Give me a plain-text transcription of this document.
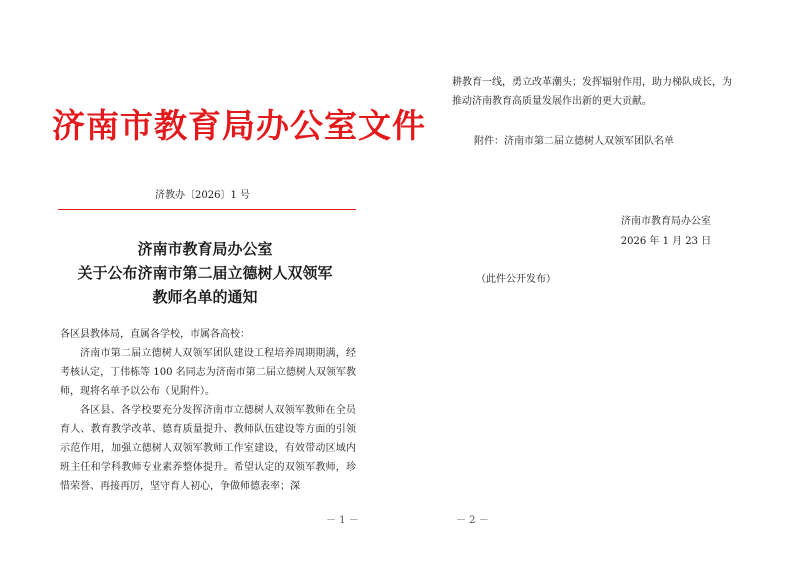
济南市教育局办公室文件
济教办〔2026〕1 号
济南市教育局办公室
关于公布济南市第二届立德树人双领军
教师名单的通知

各区县教体局，直属各学校，市属各高校：

济南市第二届立德树人双领军团队建设工程培养周期期满，经考核认定，丁伟栋等 100 名同志为济南市第二届立德树人双领军教师，现将名单予以公布（见附件）。

各区县、各学校要充分发挥济南市立德树人双领军教师在全员育人、教育教学改革、德育质量提升、教师队伍建设等方面的引领示范作用，加强立德树人双领军教师工作室建设，有效带动区域内班主任和学科教师专业素养整体提升。希望认定的双领军教师，珍惜荣誉、再接再厉，坚守育人初心，争做师德表率；深

－ 1 －

耕教育一线，勇立改革潮头；发挥辐射作用，助力梯队成长，为

推动济南教育高质量发展作出新的更大贡献。

附件：济南市第二届立德树人双领军团队名单
济南市教育局办公室
2026 年 1 月 23 日
（此件公开发布）
－ 2 －
